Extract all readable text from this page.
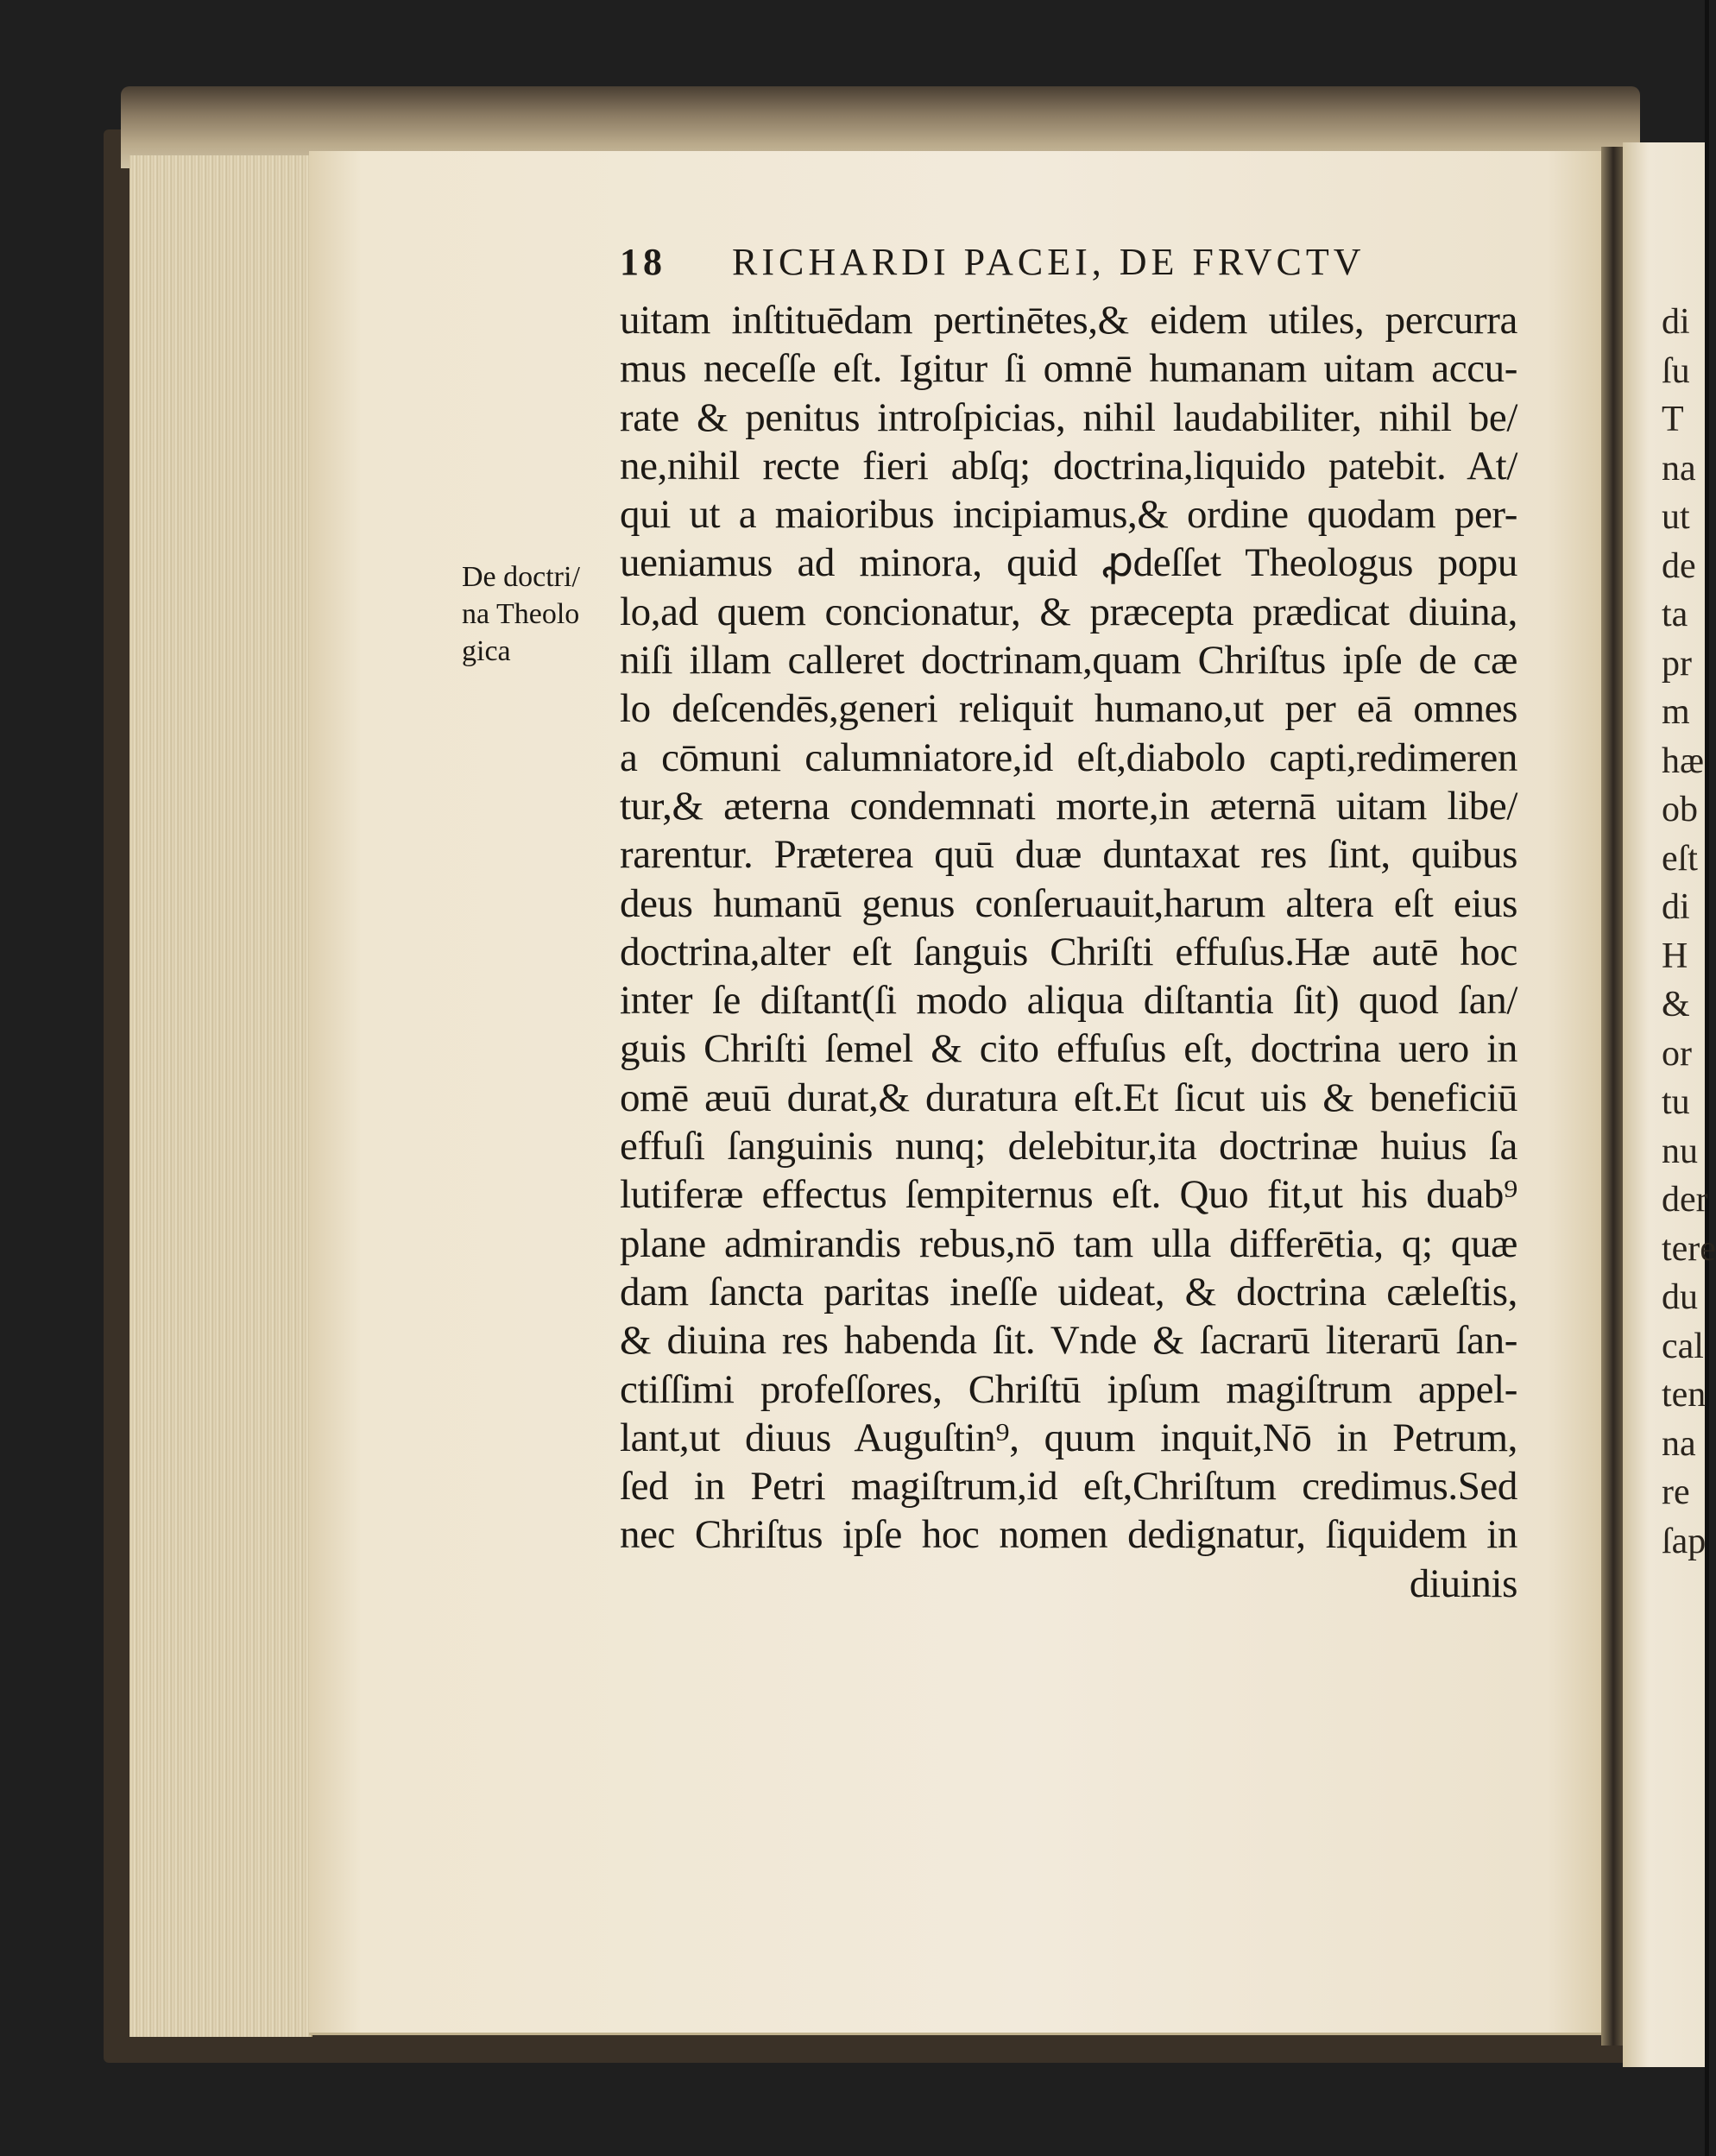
18 RICHARDI PACEI, DE FRVCTV
De doctri/
na Theolo
gica
uitam inſtituēdam pertinētes,& eidem utiles, percurra
mus neceſſe eſt. Igitur ſi omnē humanam uitam accu-
rate & penitus introſpicias, nihil laudabiliter, nihil be/
ne,nihil recte fieri abſq; doctrina,liquido patebit. At/
qui ut a maioribus incipiamus,& ordine quodam per-
ueniamus ad minora, quid ꝓdeſſet Theologus popu
lo,ad quem concionatur, & præcepta prædicat diuina,
niſi illam calleret doctrinam,quam Chriſtus ipſe de cæ
lo deſcendēs,generi reliquit humano,ut per eā omnes
a cōmuni calumniatore,id eſt,diabolo capti,redimeren
tur,& æterna condemnati morte,in æternā uitam libe/
rarentur. Præterea quū duæ duntaxat res ſint, quibus
deus humanū genus conſeruauit,harum altera eſt eius
doctrina,alter eſt ſanguis Chriſti effuſus.Hæ autē hoc
inter ſe diſtant(ſi modo aliqua diſtantia ſit) quod ſan/
guis Chriſti ſemel & cito effuſus eſt, doctrina uero in
omē æuū durat,& duratura eſt.Et ſicut uis & beneficiū
effuſi ſanguinis nunq; delebitur,ita doctrinæ huius ſa
lutiferæ effectus ſempiternus eſt. Quo fit,ut his duab⁹
plane admirandis rebus,nō tam ulla differētia, q; quæ
dam ſancta paritas ineſſe uideat, & doctrina cæleſtis,
& diuina res habenda ſit. Vnde & ſacrarū literarū ſan-
ctiſſimi profeſſores, Chriſtū ipſum magiſtrum appel-
lant,ut diuus Auguſtin⁹, quum inquit,Nō in Petrum,
ſed in Petri magiſtrum,id eſt,Chriſtum credimus.Sed
nec Chriſtus ipſe hoc nomen dedignatur, ſiquidem in
diuinis
di
ſu
T
na
ut
de
ta
pr
m
hæ
ob
eſt
di
H
&
or
tu
nu
der
tere
du
cal
ten
na
re
ſap
